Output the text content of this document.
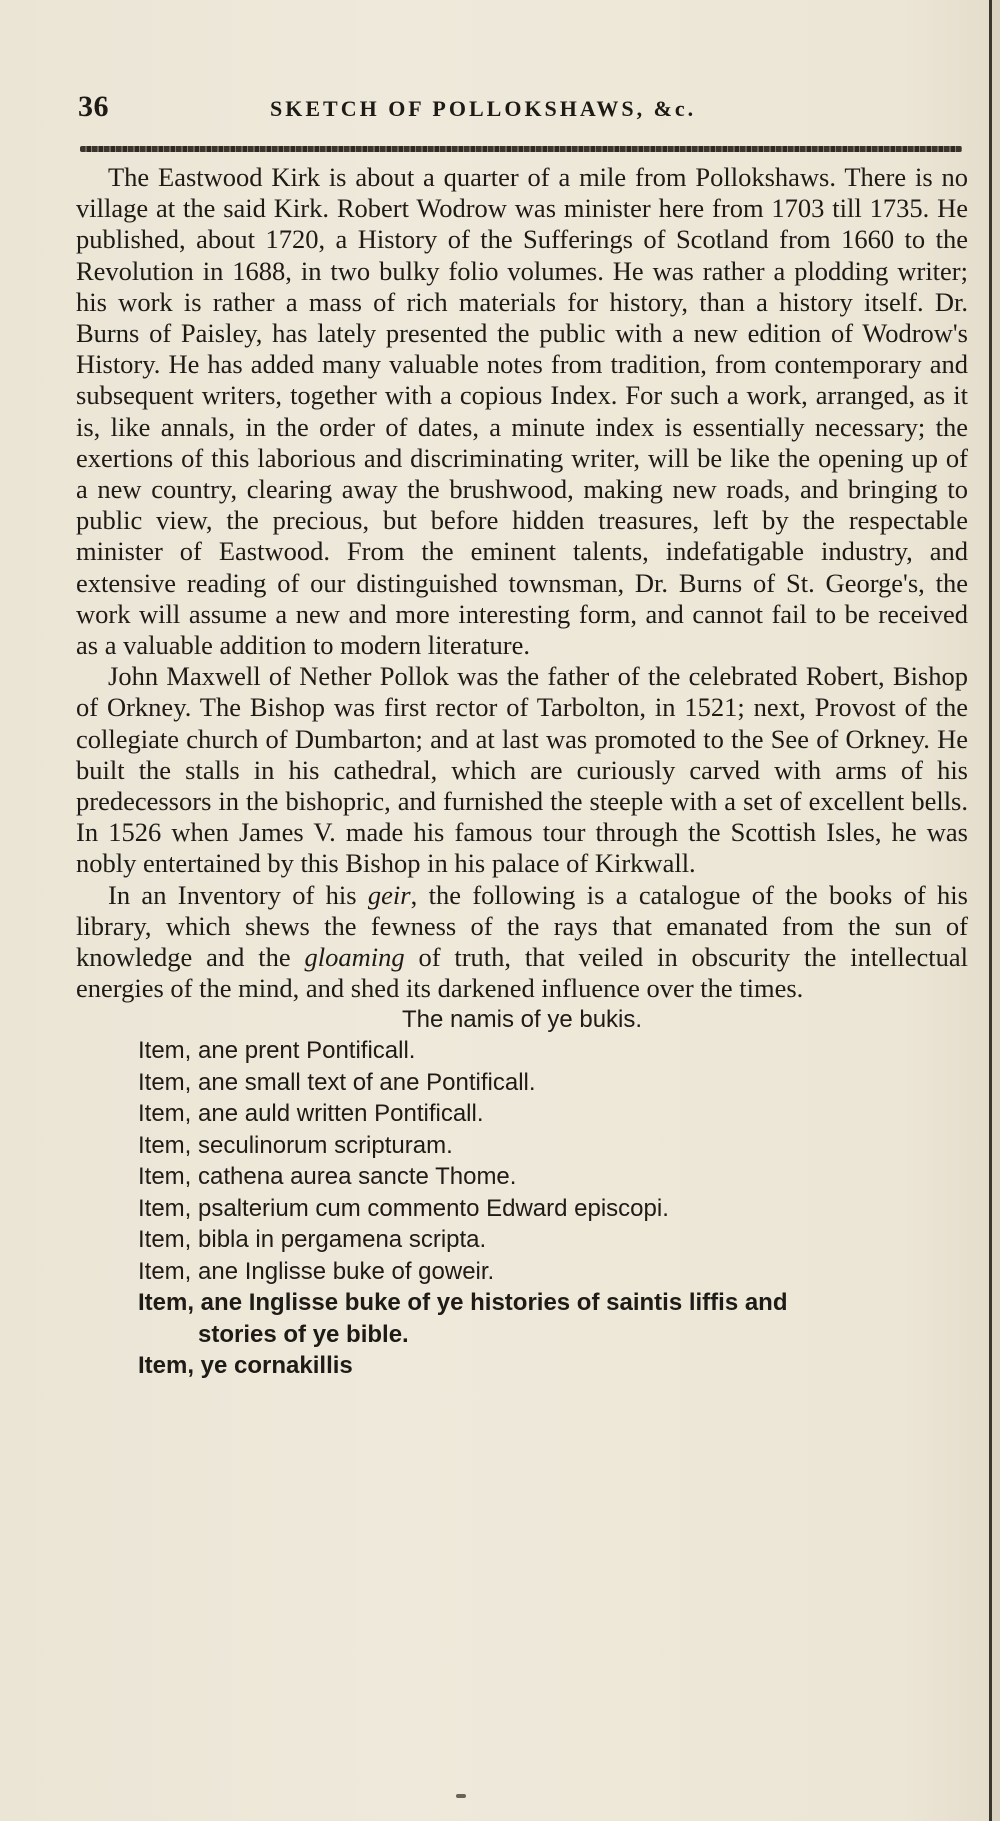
36	SKETCH OF POLLOKSHAWS, &c.

The Eastwood Kirk is about a quarter of a mile from Pollokshaws. There is no village at the said Kirk. Robert Wodrow was minister here from 1703 till 1735. He published, about 1720, a History of the Sufferings of Scotland from 1660 to the Revolution in 1688, in two bulky folio volumes. He was rather a plodding writer; his work is rather a mass of rich materials for history, than a history itself. Dr. Burns of Paisley, has lately presented the public with a new edition of Wodrow's History. He has added many valuable notes from tradition, from contemporary and subsequent writers, together with a copious Index. For such a work, arranged, as it is, like annals, in the order of dates, a minute index is essentially necessary; the exertions of this laborious and discriminating writer, will be like the opening up of a new country, clearing away the brushwood, making new roads, and bringing to public view, the precious, but before hidden treasures, left by the respectable minister of Eastwood. From the eminent talents, indefatigable industry, and extensive reading of our distinguished townsman, Dr. Burns of St. George's, the work will assume a new and more interesting form, and cannot fail to be received as a valuable addition to modern literature.

John Maxwell of Nether Pollok was the father of the celebrated Robert, Bishop of Orkney. The Bishop was first rector of Tarbolton, in 1521; next, Provost of the collegiate church of Dumbarton; and at last was promoted to the See of Orkney. He built the stalls in his cathedral, which are curiously carved with arms of his predecessors in the bishopric, and furnished the steeple with a set of excellent bells. In 1526 when James V. made his famous tour through the Scottish Isles, he was nobly entertained by this Bishop in his palace of Kirkwall.

In an Inventory of his geir, the following is a catalogue of the books of his library, which shews the fewness of the rays that emanated from the sun of knowledge and the gloaming of truth, that veiled in obscurity the intellectual energies of the mind, and shed its darkened influence over the times.

The namis of ye bukis.

Item, ane prent Pontificall.
Item, ane small text of ane Pontificall.
Item, ane auld written Pontificall.
Item, seculinorum scripturam.
Item, cathena aurea sancte Thome.
Item, psalterium cum commento Edward episcopi.
Item, bibla in pergamena scripta.
Item, ane Inglisse buke of goweir.
Item, ane Inglisse buke of ye histories of saintis liffis and
stories of ye bible.
Item, ye cornakillis
